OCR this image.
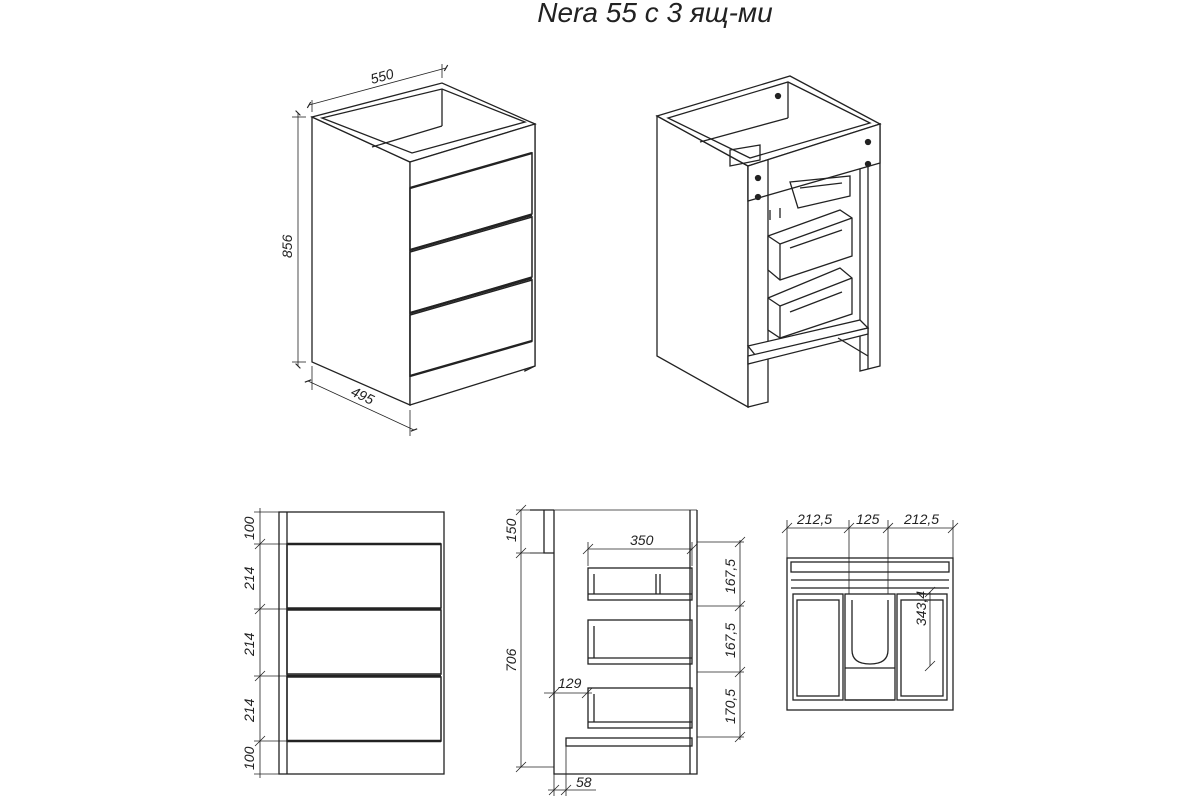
Nera 55 с 3 ящ-ми
550
856
495
100
214
214
214
100
150	350
167,5
167,5
170,5
706
129
58
212,5 125 212,5
343,4
